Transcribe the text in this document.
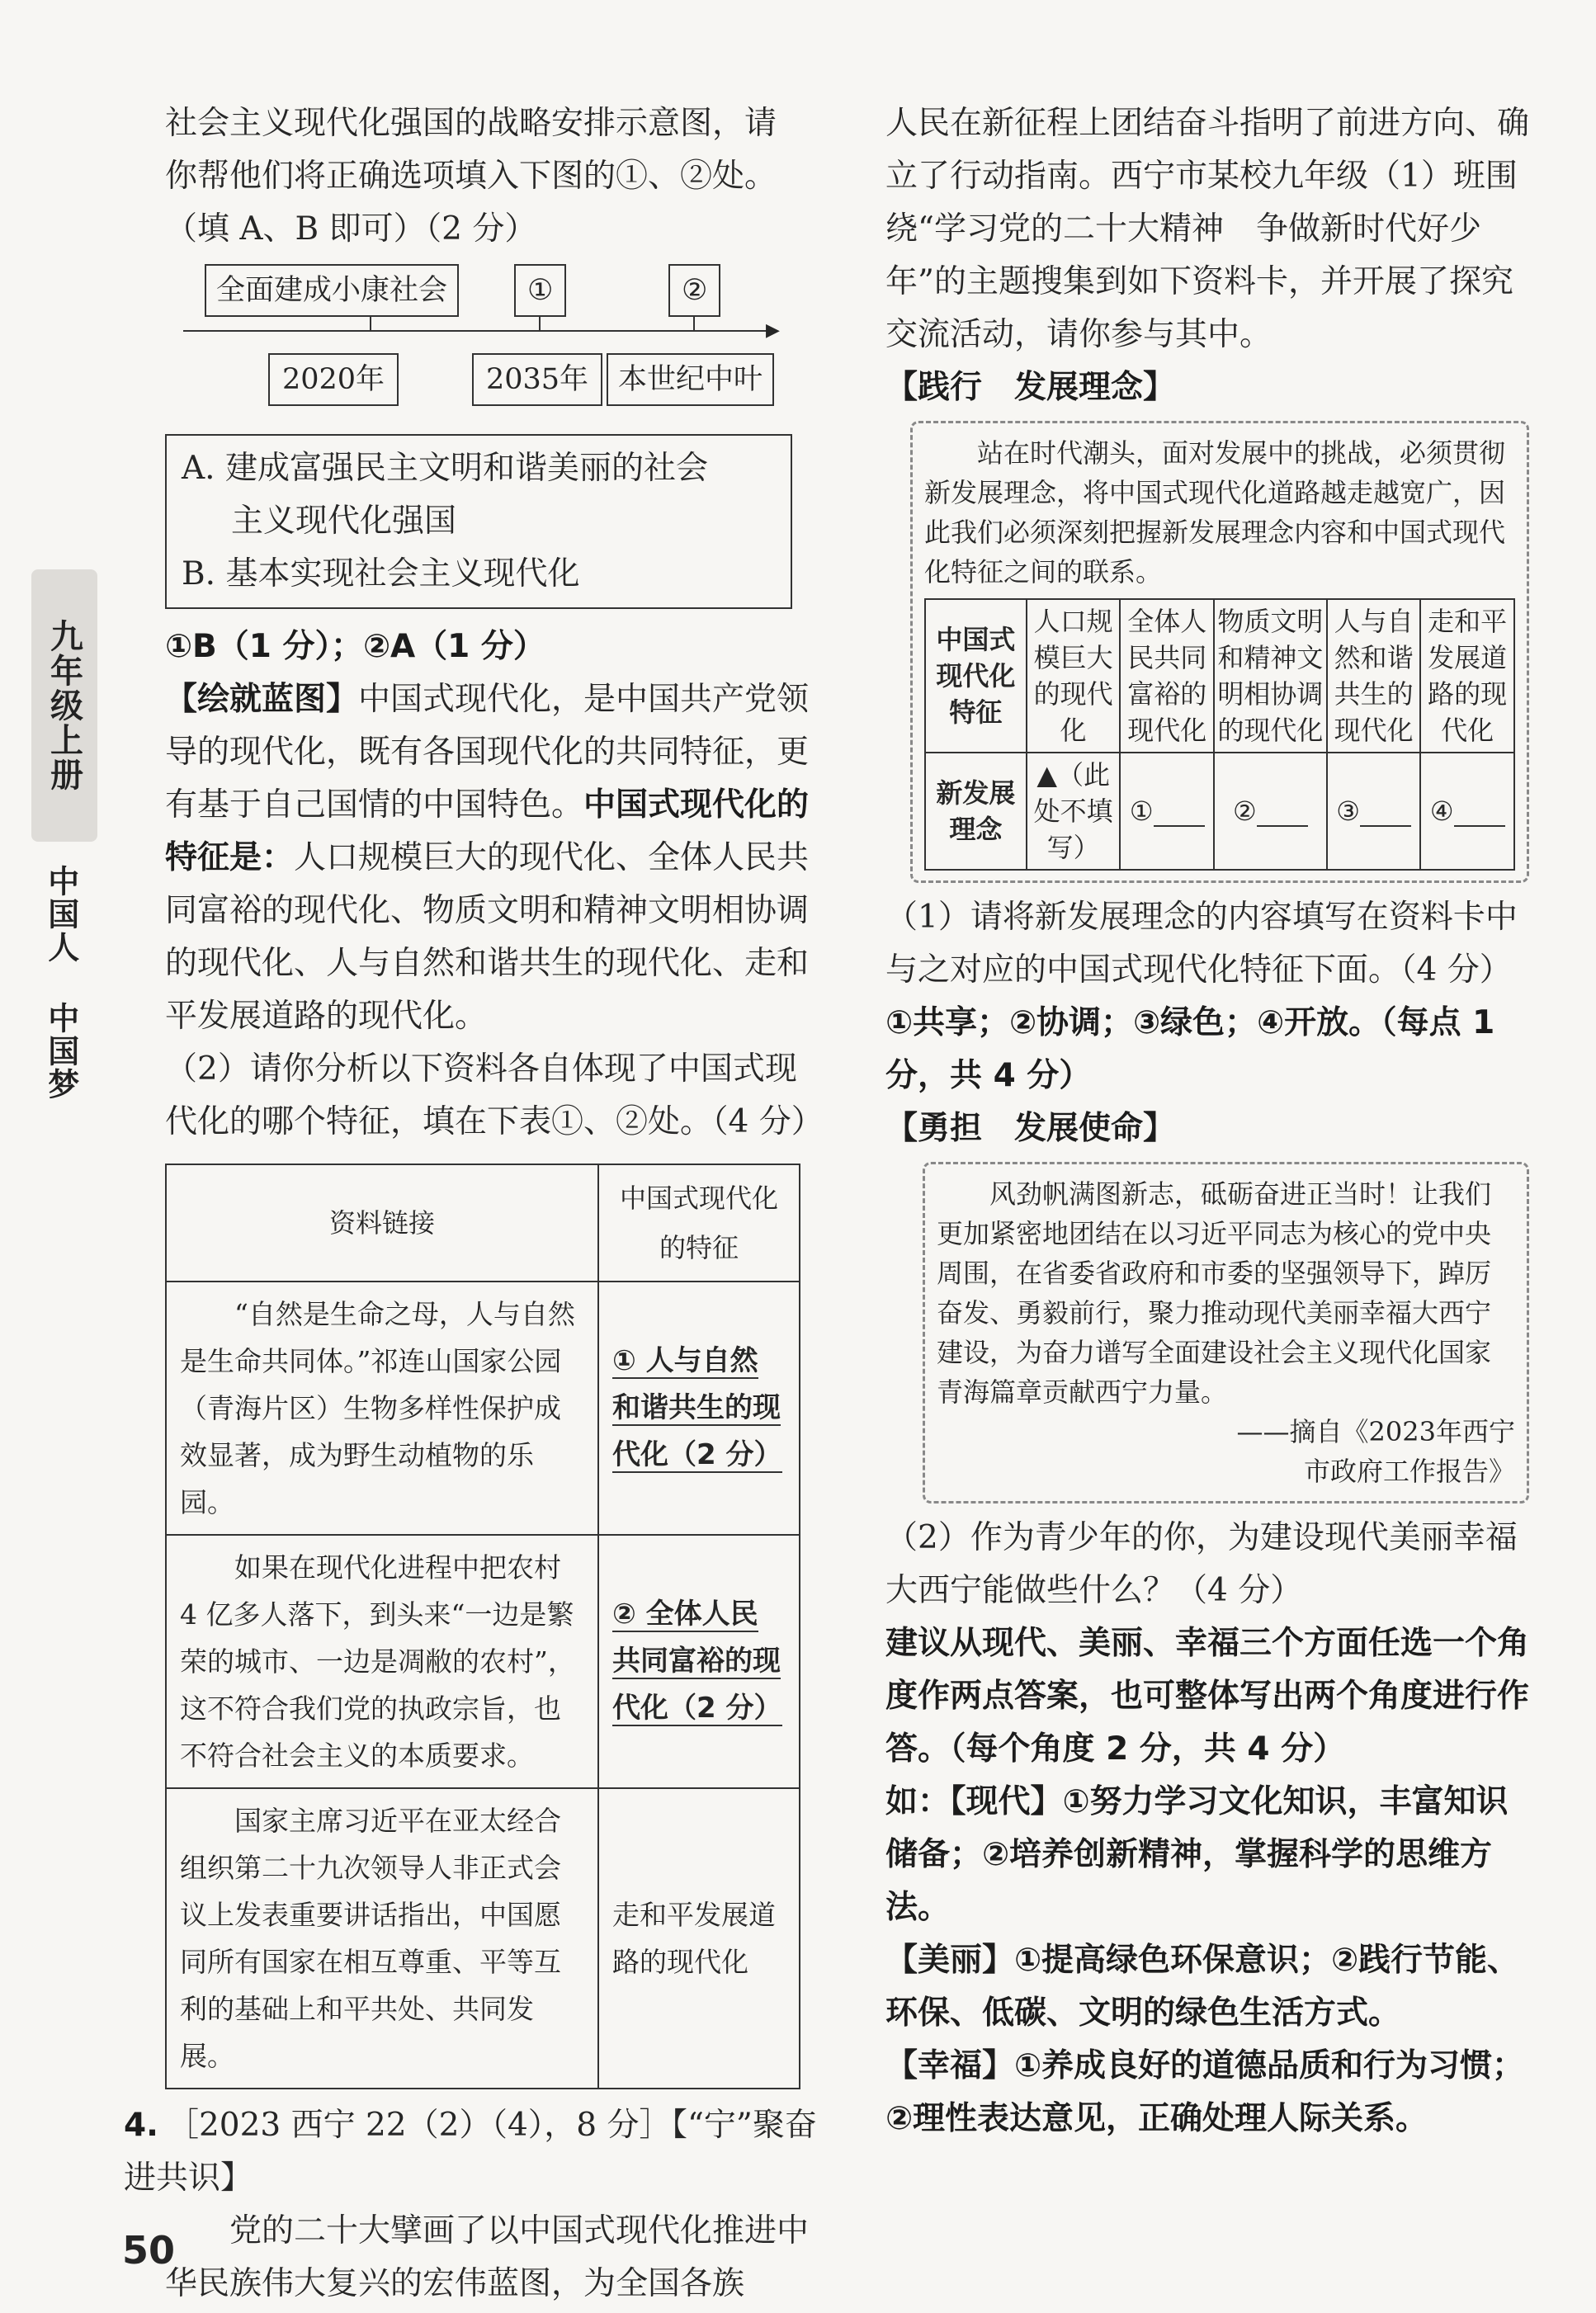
九年级上册
中国人 中国梦

社会主义现代化强国的战略安排示意图，请

你帮他们将正确选项填入下图的①、②处。

（填 A、B 即可）（2 分）

全面建成小康社会	①	②
▶
2020年	2035年	本世纪中叶

A. 建成富强民主文明和谐美丽的社会

主义现代化强国

B. 基本实现社会主义现代化

①B（1 分）；②A（1 分）

【绘就蓝图】中国式现代化，是中国共产党领导的现代化，既有各国现代化的共同特征，更有基于自己国情的中国特色。中国式现代化的特征是：人口规模巨大的现代化、全体人民共同富裕的现代化、物质文明和精神文明相协调的现代化、人与自然和谐共生的现代化、走和平发展道路的现代化。

（2）请你分析以下资料各自体现了中国式现代化的哪个特征，填在下表①、②处。（4 分）

资料链接	中国式现代化的特征
“自然是生命之母，人与自然是生命共同体。”祁连山国家公园（青海片区）生物多样性保护成效显著，成为野生动植物的乐园。	① 人与自然和谐共生的现代化（2 分）
如果在现代化进程中把农村 4 亿多人落下，到头来“一边是繁荣的城市、一边是凋敝的农村”，这不符合我们党的执政宗旨，也不符合社会主义的本质要求。	② 全体人民共同富裕的现代化（2 分）
国家主席习近平在亚太经合组织第二十九次领导人非正式会议上发表重要讲话指出，中国愿同所有国家在相互尊重、平等互利的基础上和平共处、共同发展。	走和平发展道路的现代化

4. ［2023 西宁 22（2）（4），8 分］【“宁”聚奋进共识】

党的二十大擘画了以中国式现代化推进中华民族伟大复兴的宏伟蓝图，为全国各族

人民在新征程上团结奋斗指明了前进方向、确立了行动指南。西宁市某校九年级（1）班围绕“学习党的二十大精神　争做新时代好少年”的主题搜集到如下资料卡，并开展了探究交流活动，请你参与其中。

【践行　发展理念】

站在时代潮头，面对发展中的挑战，必须贯彻新发展理念，将中国式现代化道路越走越宽广，因此我们必须深刻把握新发展理念内容和中国式现代化特征之间的联系。

中国式现代化特征	人口规模巨大的现代化	全体人民共同富裕的现代化	物质文明和精神文明相协调的现代化	人与自然和谐共生的现代化	走和平发展道路的现代化
新发展理念	▲（此处不填写）	①	②	③	④

（1）请将新发展理念的内容填写在资料卡中与之对应的中国式现代化特征下面。（4 分）

①共享；②协调；③绿色；④开放。（每点 1 分，共 4 分）

【勇担　发展使命】

风劲帆满图新志，砥砺奋进正当时！让我们更加紧密地团结在以习近平同志为核心的党中央周围，在省委省政府和市委的坚强领导下，踔厉奋发、勇毅前行，聚力推动现代美丽幸福大西宁建设，为奋力谱写全面建设社会主义现代化国家青海篇章贡献西宁力量。

——摘自《2023年西宁

市政府工作报告》

（2）作为青少年的你，为建设现代美丽幸福大西宁能做些什么？（4 分）

建议从现代、美丽、幸福三个方面任选一个角度作两点答案，也可整体写出两个角度进行作答。（每个角度 2 分，共 4 分）

如：【现代】①努力学习文化知识，丰富知识储备；②培养创新精神，掌握科学的思维方法。

【美丽】①提高绿色环保意识；②践行节能、环保、低碳、文明的绿色生活方式。

【幸福】①养成良好的道德品质和行为习惯；②理性表达意见，正确处理人际关系。

50
